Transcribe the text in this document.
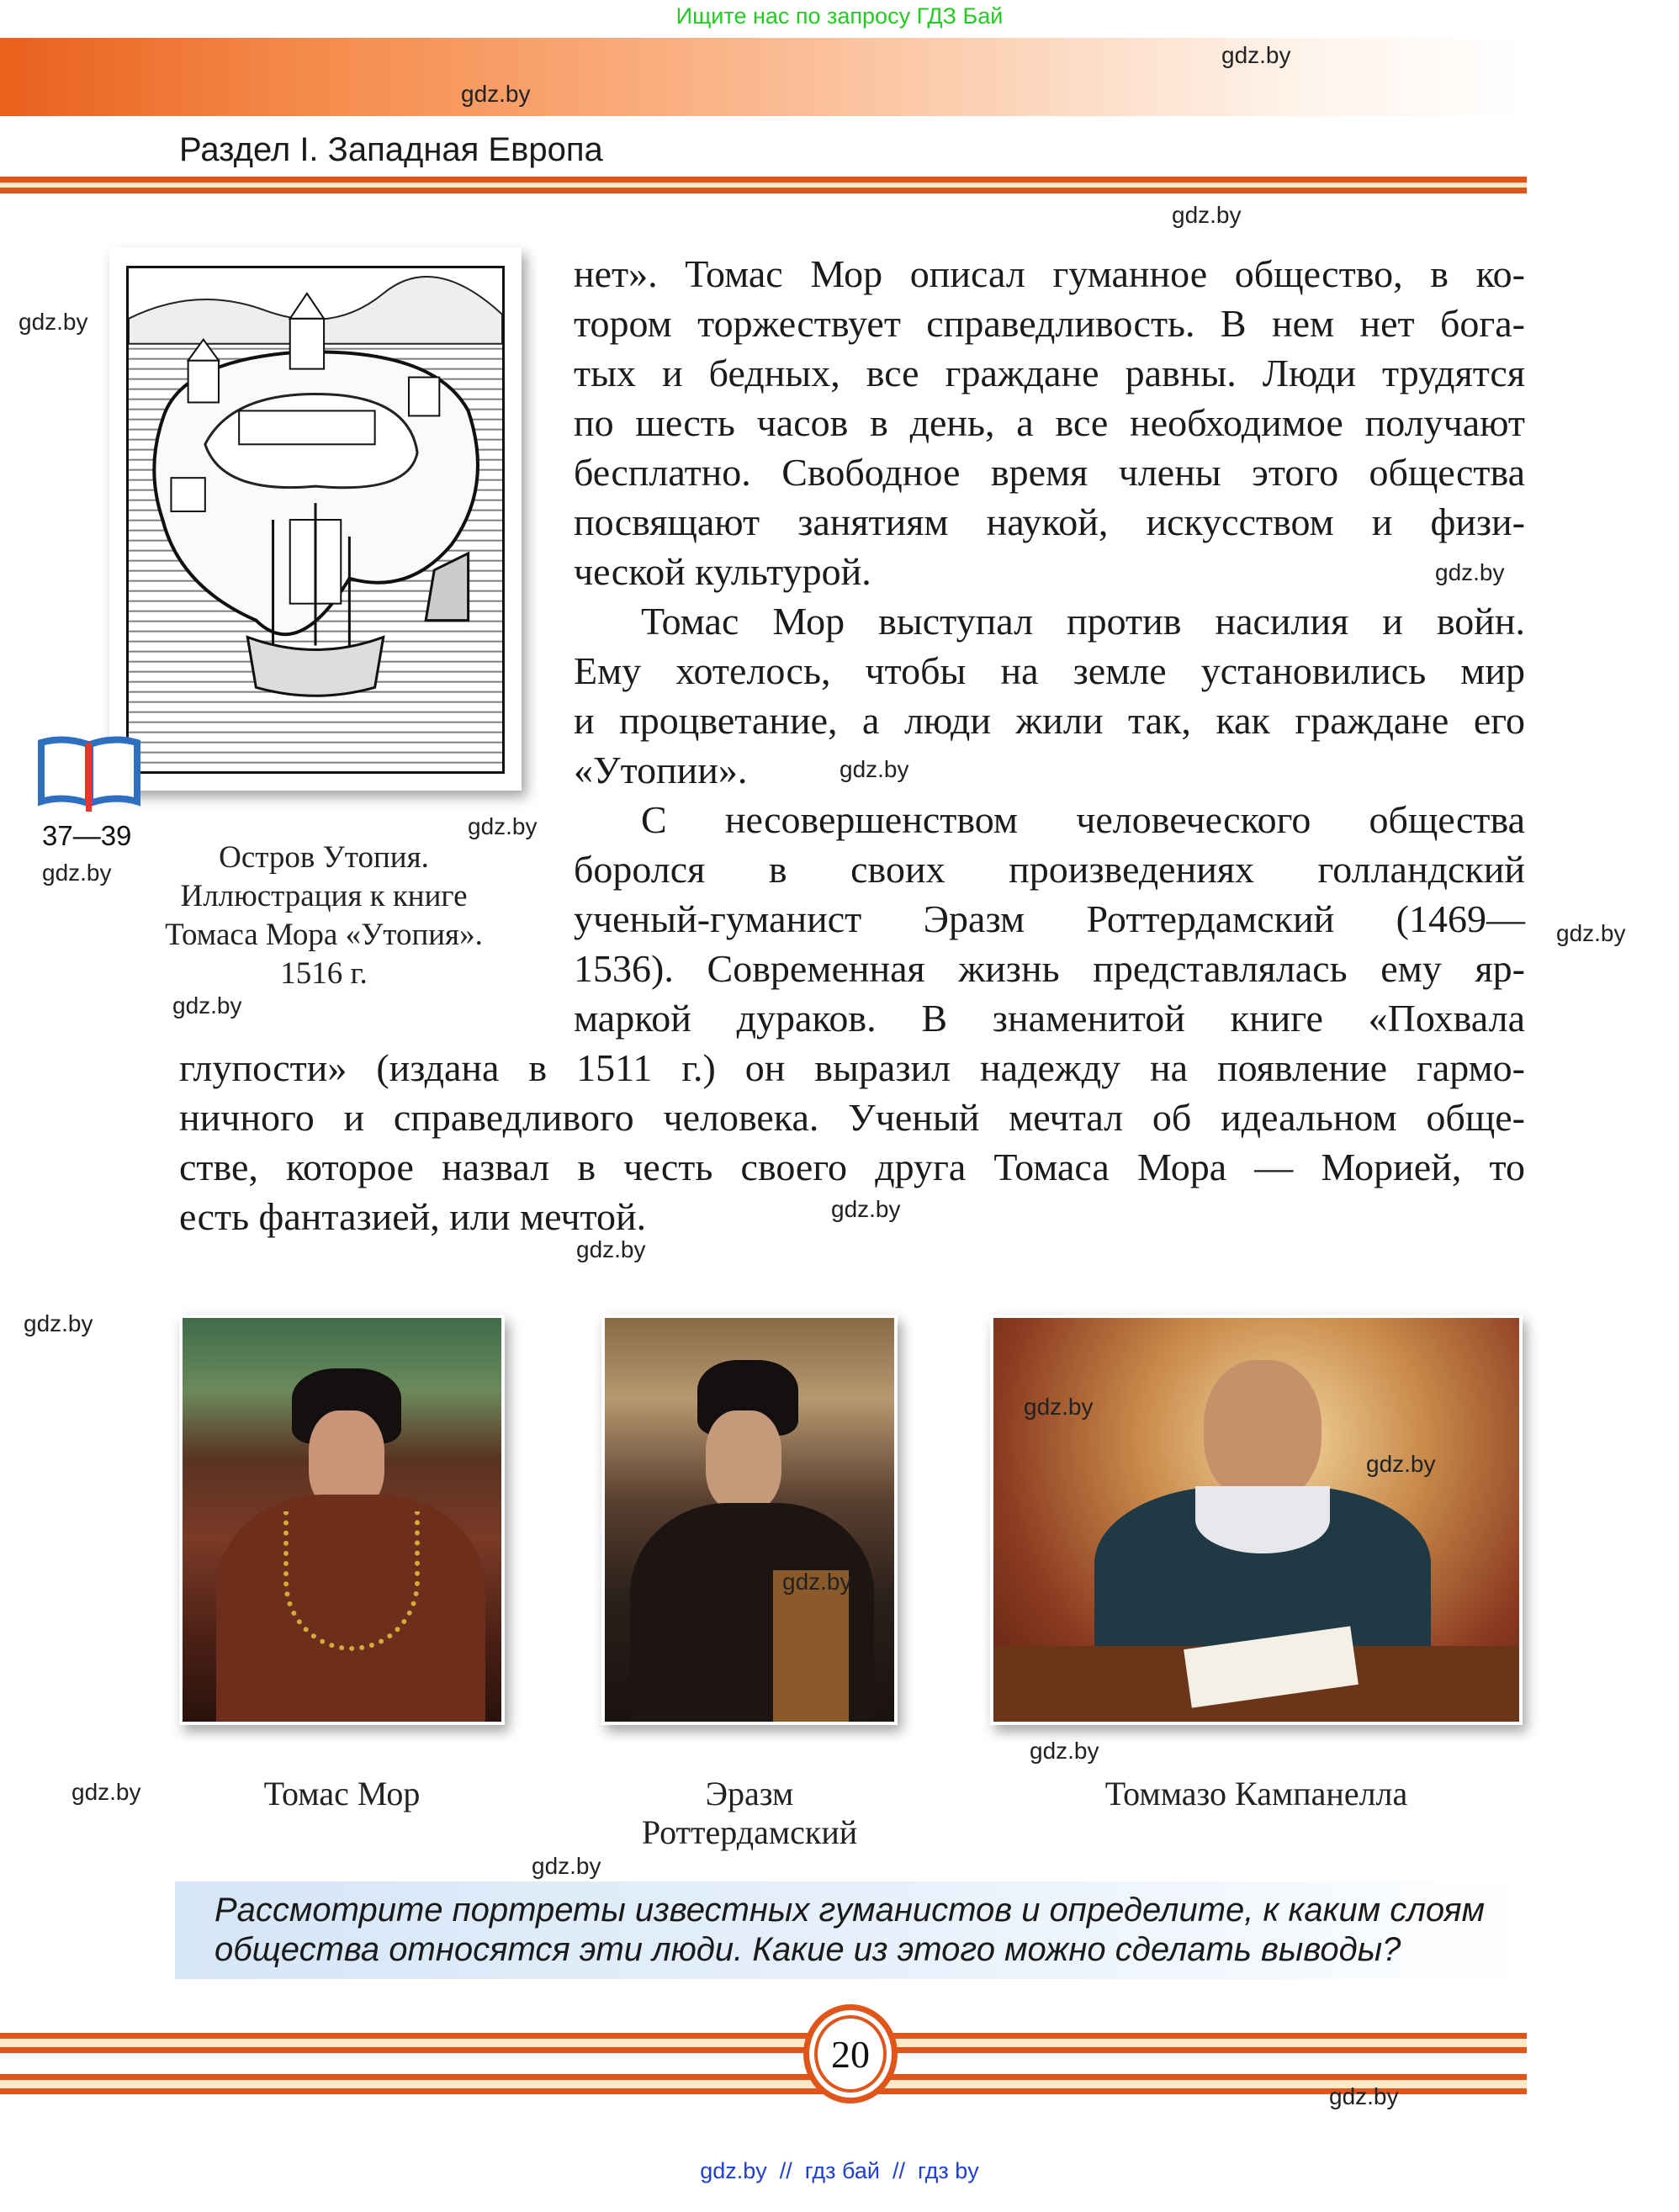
Ищите нас по запросу ГДЗ Бай
gdz.by
gdz.by
Раздел I. Западная Европа
gdz.by
gdz.by
37—39
gdz.by
gdz.by
Остров Утопия.
Иллюстрация к книге
Томаса Мора «Утопия».
1516 г.
gdz.by
нет». Томас Мор описал гуманное общество, в ко-
тором торжествует справедливость. В нем нет бога-
тых и бедных, все граждане равны. Люди трудятся
по шесть часов в день, а все необходимое получают
бесплатно. Свободное время члены этого общества
посвящают занятиям наукой, искусством и физи-
ческой культурой.	gdz.by
Томас Мор выступал против насилия и войн.
Ему хотелось, чтобы на земле установились мир
и процветание, а люди жили так, как граждане его
«Утопии».	gdz.by
С несовершенством человеческого общества
боролся в своих произведениях голландский
ученый-гуманист Эразм Роттердамский (1469—
1536). Современная жизнь представлялась ему яр-
маркой дураков. В знаменитой книге «Похвала
gdz.by
глупости» (издана в 1511 г.) он выразил надежду на появление гармо-
ничного и справедливого человека. Ученый мечтал об идеальном обще-
стве, которое назвал в честь своего друга Томаса Мора — Морией, то
есть фантазией, или мечтой.	gdz.by
gdz.by
gdz.by
gdz.by
gdz.by
gdz.by
gdz.by
Томас Мор	Эразм
Роттердамский
Томмазо Кампанелла
gdz.by
gdz.by
Рассмотрите портреты известных гуманистов и определите, к каким слоям
общества относятся эти люди. Какие из этого можно сделать выводы?
20
gdz.by
gdz.by  //  гдз бай  //  гдз by
